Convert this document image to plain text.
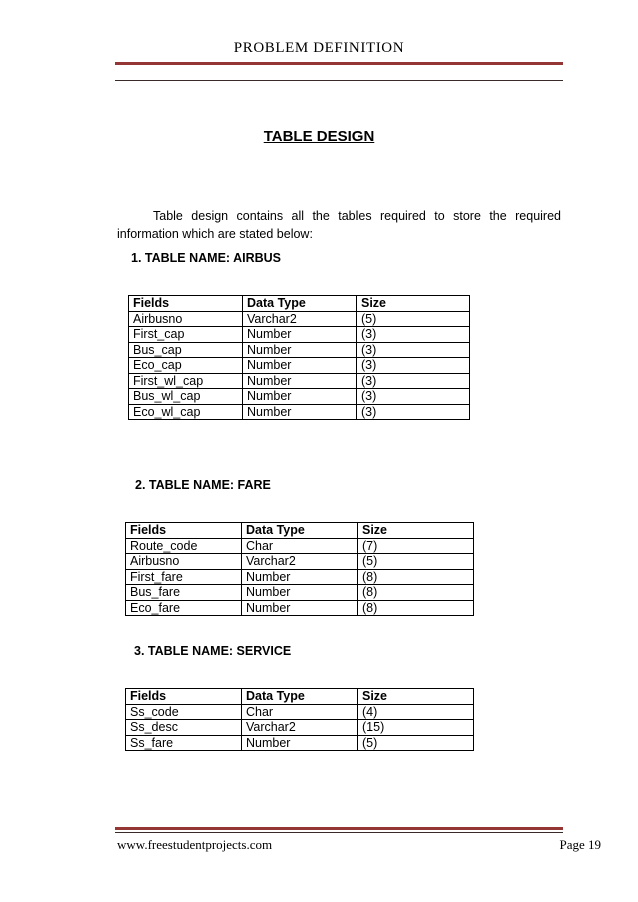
PROBLEM DEFINITION
TABLE DESIGN

Table design contains all the tables required to store the required information which are stated below:

1. TABLE NAME: AIRBUS
Fields	Data Type	Size
Airbusno	Varchar2	(5)
First_cap	Number	(3)
Bus_cap	Number	(3)
Eco_cap	Number	(3)
First_wl_cap	Number	(3)
Bus_wl_cap	Number	(3)
Eco_wl_cap	Number	(3)
2. TABLE NAME: FARE
Fields	Data Type	Size
Route_code	Char	(7)
Airbusno	Varchar2	(5)
First_fare	Number	(8)
Bus_fare	Number	(8)
Eco_fare	Number	(8)
3. TABLE NAME: SERVICE
Fields	Data Type	Size
Ss_code	Char	(4)
Ss_desc	Varchar2	(15)
Ss_fare	Number	(5)
www.freestudentprojects.com	Page 19
